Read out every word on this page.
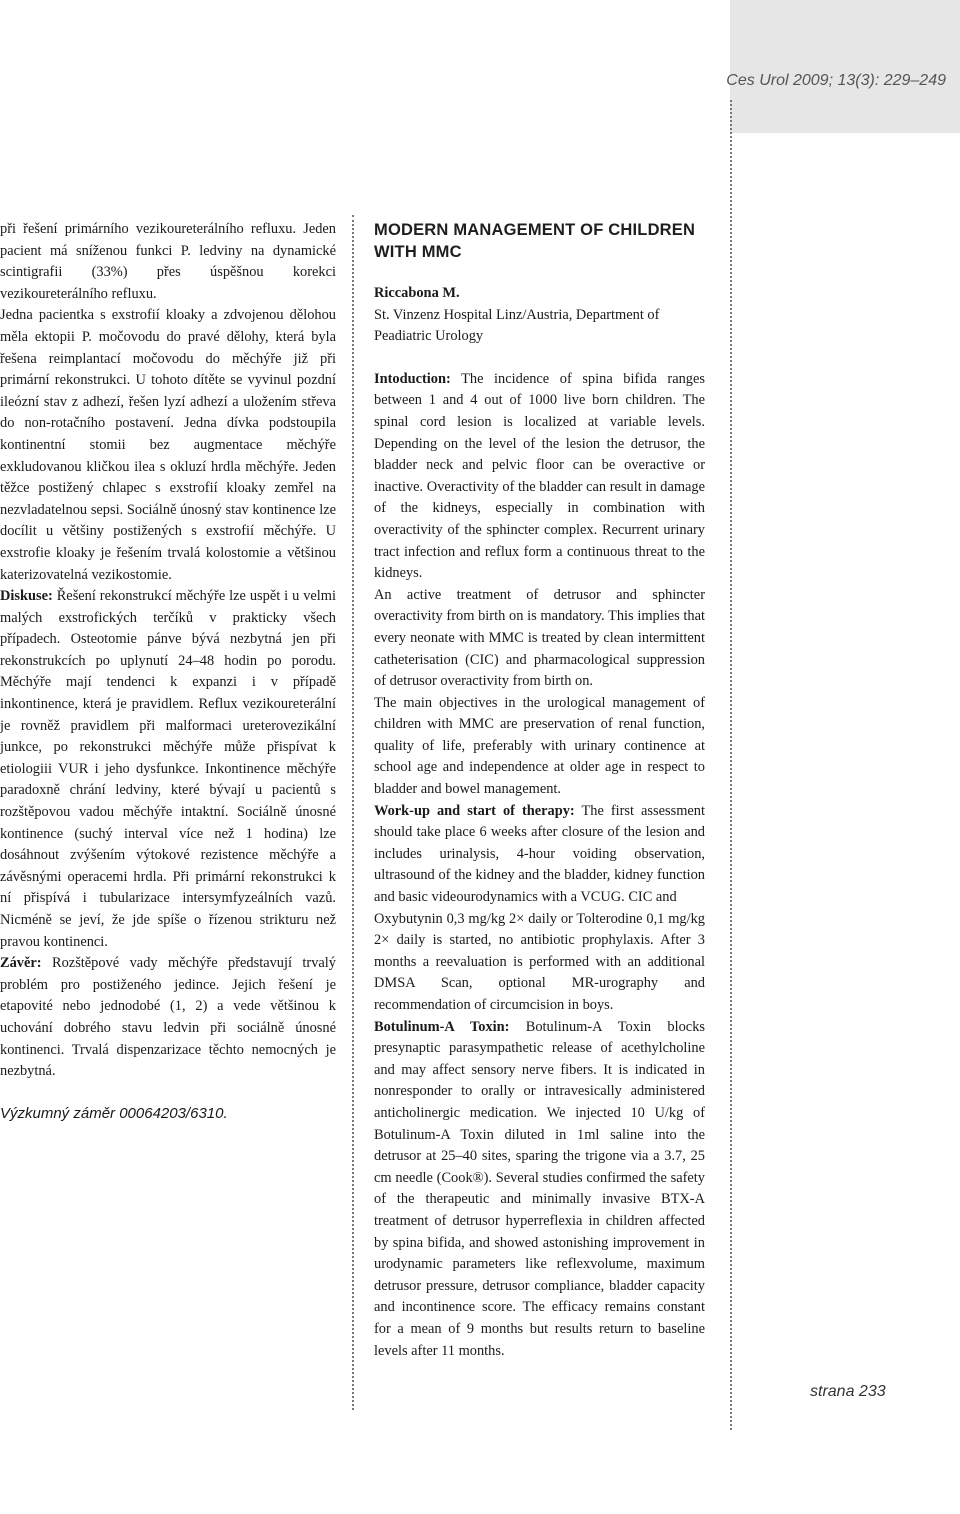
Ces Urol 2009; 13(3): 229–249
strana 233

při řešení primárního vezikoureterálního refluxu. Jeden pacient má sníženou funkci P. ledviny na dynamické scintigrafii (33%) přes úspěšnou korekci vezikoureterálního refluxu.

Jedna pacientka s exstrofií kloaky a zdvojenou dělohou měla ektopii P. močovodu do pravé dělohy, která byla řešena reimplantací močovodu do měchýře již při primární rekonstrukci. U tohoto dítěte se vyvinul pozdní ileózní stav z adhezí, řešen lyzí adhezí a uložením střeva do non-rotačního postavení. Jedna dívka podstoupila kontinentní stomii bez augmentace měchýře exkludovanou kličkou ilea s okluzí hrdla měchýře. Jeden těžce postižený chlapec s exstrofií kloaky zemřel na nezvladatelnou sepsi. Sociálně únosný stav kontinence lze docílit u většiny postižených s exstrofií měchýře. U exstrofie kloaky je řešením trvalá kolostomie a většinou katerizovatelná vezikostomie.

Diskuse: Řešení rekonstrukcí měchýře lze uspět i u velmi malých exstrofických terčíků v prakticky všech případech. Osteotomie pánve bývá nezbytná jen při rekonstrukcích po uplynutí 24–48 hodin po porodu. Měchýře mají tendenci k expanzi i v případě inkontinence, která je pravidlem. Reflux vezikoureterální je rovněž pravidlem při malformaci ureterovezikální junkce, po rekonstrukci měchýře může přispívat k etiologiii VUR i jeho dysfunkce. Inkontinence měchýře paradoxně chrání ledviny, které bývají u pacientů s rozštěpovou vadou měchýře intaktní. Sociálně únosné kontinence (suchý interval více než 1 hodina) lze dosáhnout zvýšením výtokové rezistence měchýře a závěsnými operacemi hrdla. Při primární rekonstrukci k ní přispívá i tubularizace intersymfyzeálních vazů. Nicméně se jeví, že jde spíše o řízenou strikturu než pravou kontinenci.

Závěr: Rozštěpové vady měchýře představují trvalý problém pro postiženého jedince. Jejich řešení je etapovité nebo jednodobé (1, 2) a vede většinou k uchování dobrého stavu ledvin při sociálně únosné kontinenci. Trvalá dispenzarizace těchto nemocných je nezbytná.

Výzkumný záměr 00064203/6310.

MODERN MANAGEMENT OF CHILDREN
WITH MMC

Riccabona M.

St. Vinzenz Hospital Linz/Austria, Department of Peadiatric Urology

Intoduction: The incidence of spina bifida ranges between 1 and 4 out of 1000 live born children. The spinal cord lesion is localized at variable levels. Depending on the level of the lesion the detrusor, the bladder neck and pelvic floor can be overactive or inactive. Overactivity of the bladder can result in damage of the kidneys, especially in combination with overactivity of the sphincter complex. Recurrent urinary tract infection and reflux form a continuous threat to the kidneys.

An active treatment of detrusor and sphincter overactivity from birth on is mandatory. This implies that every neonate with MMC is treated by clean intermittent catheterisation (CIC) and pharmacological suppression of detrusor overactivity from birth on.

The main objectives in the urological management of children with MMC are preservation of renal function, quality of life, preferably with urinary continence at school age and independence at older age in respect to bladder and bowel management.

Work-up and start of therapy: The first assessment should take place 6 weeks after closure of the lesion and includes urinalysis, 4-hour voiding observation, ultrasound of the kidney and the bladder, kidney function and basic videourodynamics with a VCUG. CIC and

Oxybutynin 0,3 mg/kg 2× daily or Tolterodine 0,1 mg/kg 2× daily is started, no antibiotic prophylaxis. After 3 months a reevaluation is performed with an additional DMSA Scan, optional MR-urography and recommendation of circumcision in boys.

Botulinum-A Toxin: Botulinum-A Toxin blocks presynaptic parasympathetic release of acethylcholine and may affect sensory nerve fibers. It is indicated in nonresponder to orally or intravesically administered anticholinergic medication. We injected 10 U/kg of Botulinum-A Toxin diluted in 1ml saline into the detrusor at 25–40 sites, sparing the trigone via a 3.7, 25 cm needle (Cook®). Several studies confirmed the safety of the therapeutic and minimally invasive BTX-A treatment of detrusor hyperreflexia in children affected by spina bifida, and showed astonishing improvement in urodynamic parameters like reflexvolume, maximum detrusor pressure, detrusor compliance, bladder capacity and incontinence score. The efficacy remains constant for a mean of 9 months but results return to baseline levels after 11 months.
